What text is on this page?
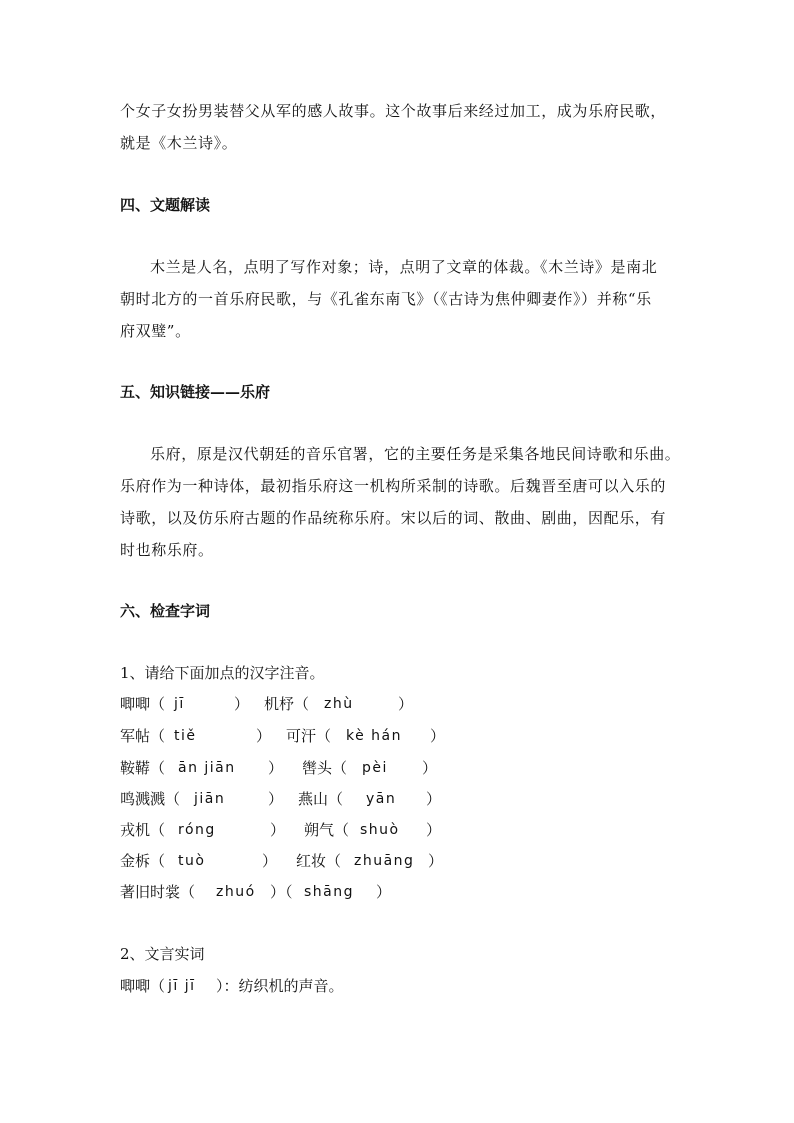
个女子女扮男装替父从军的感人故事。这个故事后来经过加工，成为乐府民歌，
就是《木兰诗》。
四、文题解读
木兰是人名，点明了写作对象；诗，点明了文章的体裁。《木兰诗》是南北
朝时北方的一首乐府民歌，与《孔雀东南飞》（《古诗为焦仲卿妻作》）并称“乐
府双璧”。
五、知识链接——乐府
乐府，原是汉代朝廷的音乐官署，它的主要任务是采集各地民间诗歌和乐曲。
乐府作为一种诗体，最初指乐府这一机构所采制的诗歌。后魏晋至唐可以入乐的
诗歌，以及仿乐府古题的作品统称乐府。宋以后的词、散曲、剧曲，因配乐，有
时也称乐府。
六、检查字词
1、请给下面加点的汉字注音。
唧唧（ jī	） 机杼（ zhù	）
军帖（ tiě	） 可汗（ kè hán ）
鞍鞯（ ān jiān ） 辔头（ pèi ）
鸣溅溅（ jiān	） 燕山（ yān ）
戎机（ róng	） 朔气（ shuò ）
金柝（ tuò	） 红妆（ zhuāng ）
著旧时裳（ zhuó ）（ shāng ）
2、文言实词
唧唧（ jī jī ）：纺织机的声音。
